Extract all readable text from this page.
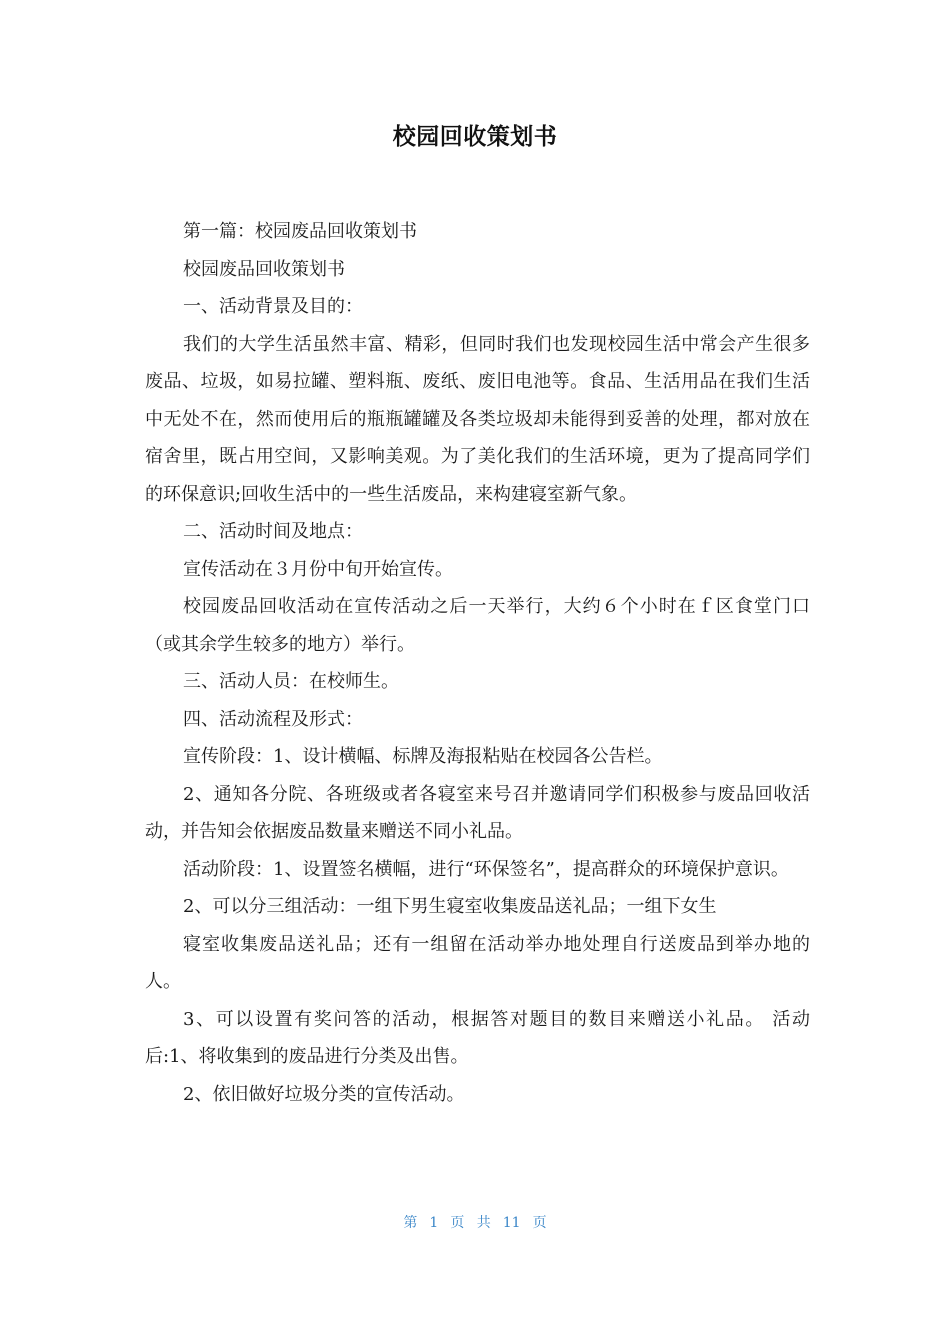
校园回收策划书

第一篇：校园废品回收策划书

校园废品回收策划书

一、活动背景及目的：

我们的大学生活虽然丰富、精彩，但同时我们也发现校园生活中常会产生很多废品、垃圾，如易拉罐、塑料瓶、废纸、废旧电池等。食品、生活用品在我们生活中无处不在，然而使用后的瓶瓶罐罐及各类垃圾却未能得到妥善的处理，都对放在宿舍里，既占用空间，又影响美观。为了美化我们的生活环境，更为了提高同学们的环保意识;回收生活中的一些生活废品，来构建寝室新气象。

二、活动时间及地点：

宣传活动在３月份中旬开始宣传。

校园废品回收活动在宣传活动之后一天举行，大约６个小时在ｆ区食堂门口（或其余学生较多的地方）举行。

三、活动人员：在校师生。

四、活动流程及形式：

宣传阶段：1、设计横幅、标牌及海报粘贴在校园各公告栏。

2、通知各分院、各班级或者各寝室来号召并邀请同学们积极参与废品回收活动，并告知会依据废品数量来赠送不同小礼品。

活动阶段：1、设置签名横幅，进行“环保签名”，提高群众的环境保护意识。

2、可以分三组活动：一组下男生寝室收集废品送礼品；一组下女生

寝室收集废品送礼品；还有一组留在活动举办地处理自行送废品到举办地的人。

3、可以设置有奖问答的活动，根据答对题目的数目来赠送小礼品。 活动后:1、将收集到的废品进行分类及出售。

2、依旧做好垃圾分类的宣传活动。

第 1 页 共 11 页
